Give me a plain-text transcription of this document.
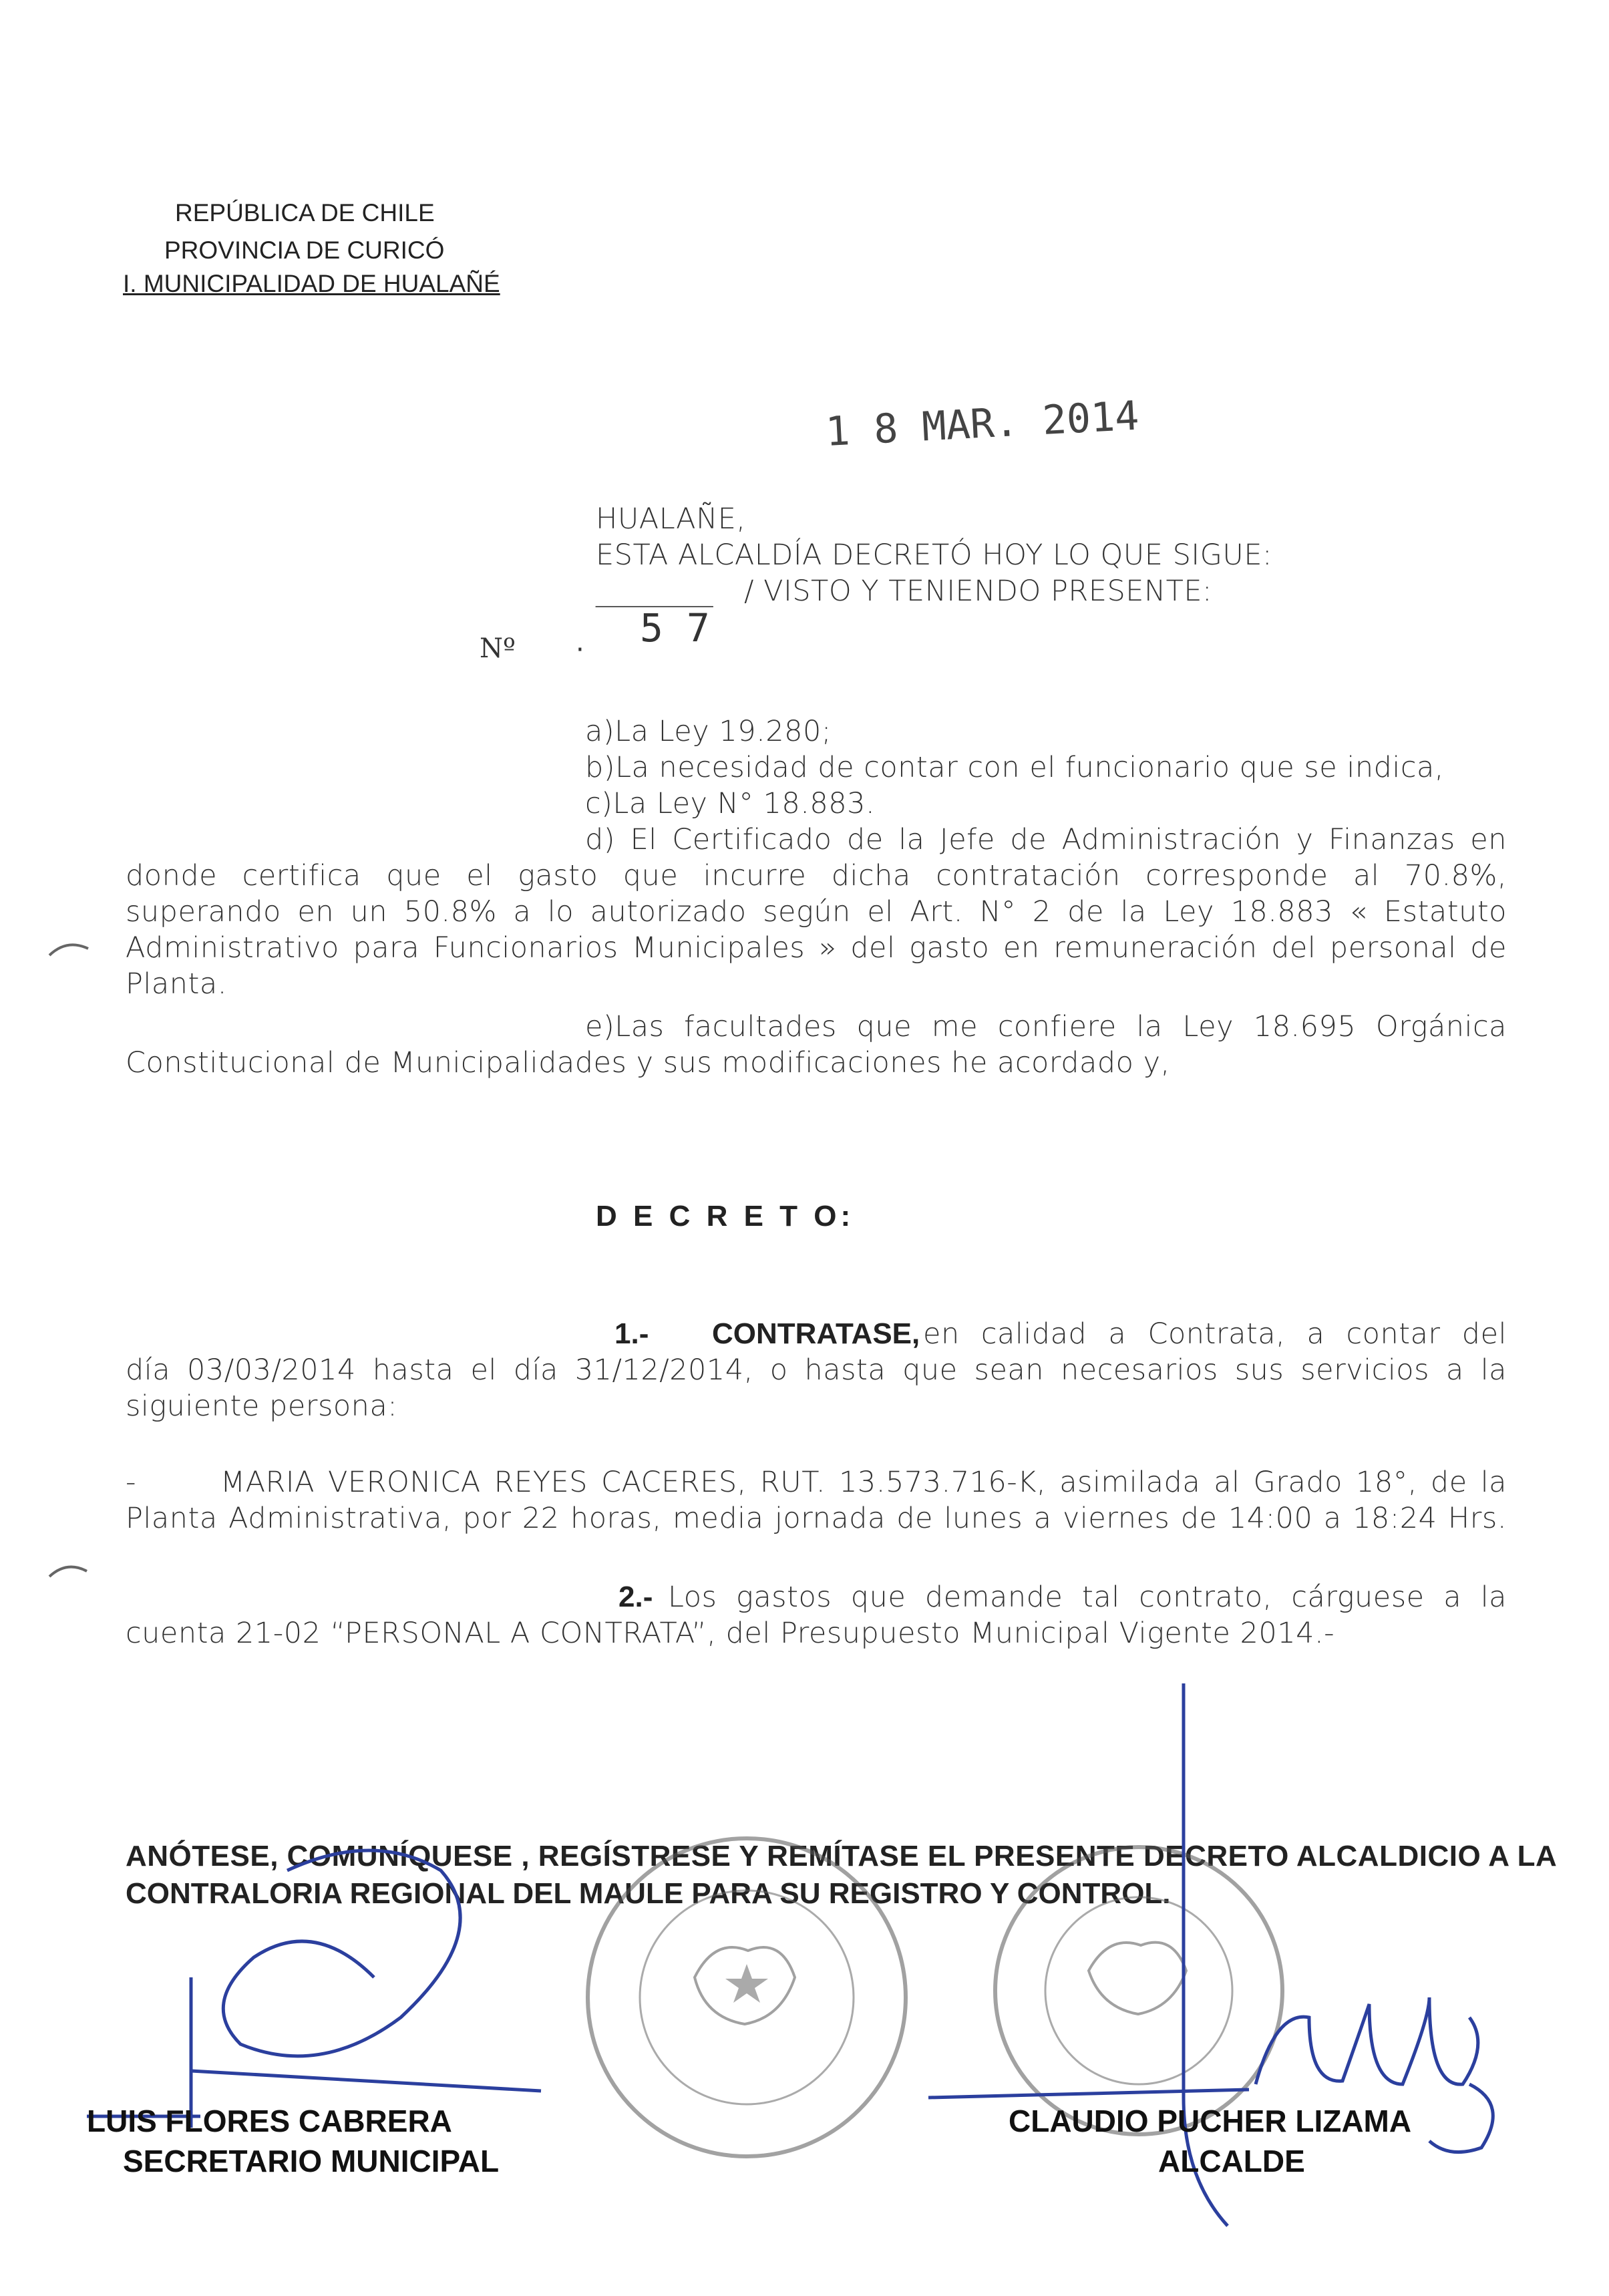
REPÚBLICA DE CHILE
PROVINCIA DE CURICÓ
I. MUNICIPALIDAD DE HUALAÑÉ
1 8 MAR. 2014
HUALAÑE,
ESTA ALCALDÍA DECRETÓ HOY LO QUE SIGUE:
________ / VISTO Y TENIENDO PRESENTE:
Nº · 5 7
a)La Ley 19.280;
b)La necesidad de contar con el funcionario que se indica,
c)La Ley N° 18.883.
d) El Certificado de la Jefe de Administración y Finanzas en
donde certifica que el gasto que incurre dicha contratación corresponde al 70.8%,
superando en un 50.8% a lo autorizado según el Art. N° 2 de la Ley 18.883 « Estatuto
Administrativo para Funcionarios Municipales » del gasto en remuneración del personal de
Planta.
e)Las facultades que me confiere la Ley 18.695 Orgánica
Constitucional de Municipalidades y sus modificaciones he acordado y,
D E C R E T O:
1.- CONTRATASE, en calidad a Contrata, a contar del
día 03/03/2014 hasta el día 31/12/2014, o hasta que sean necesarios sus servicios a la
siguiente persona:
-	MARIA VERONICA REYES CACERES, RUT. 13.573.716-K, asimilada al Grado 18°, de la
Planta Administrativa, por 22 horas, media jornada de lunes a viernes de 14:00 a 18:24 Hrs.
2.- Los gastos que demande tal contrato, cárguese a la
cuenta 21-02 “PERSONAL A CONTRATA”, del Presupuesto Municipal Vigente 2014.-
ANÓTESE, COMUNÍQUESE , REGÍSTRESE Y REMÍTASE EL PRESENTE DECRETO ALCALDICIO A LA
CONTRALORIA REGIONAL DEL MAULE PARA SU REGISTRO Y CONTROL.
LUIS FLORES CABRERA
SECRETARIO MUNICIPAL
CLAUDIO PUCHER LIZAMA
ALCALDE
